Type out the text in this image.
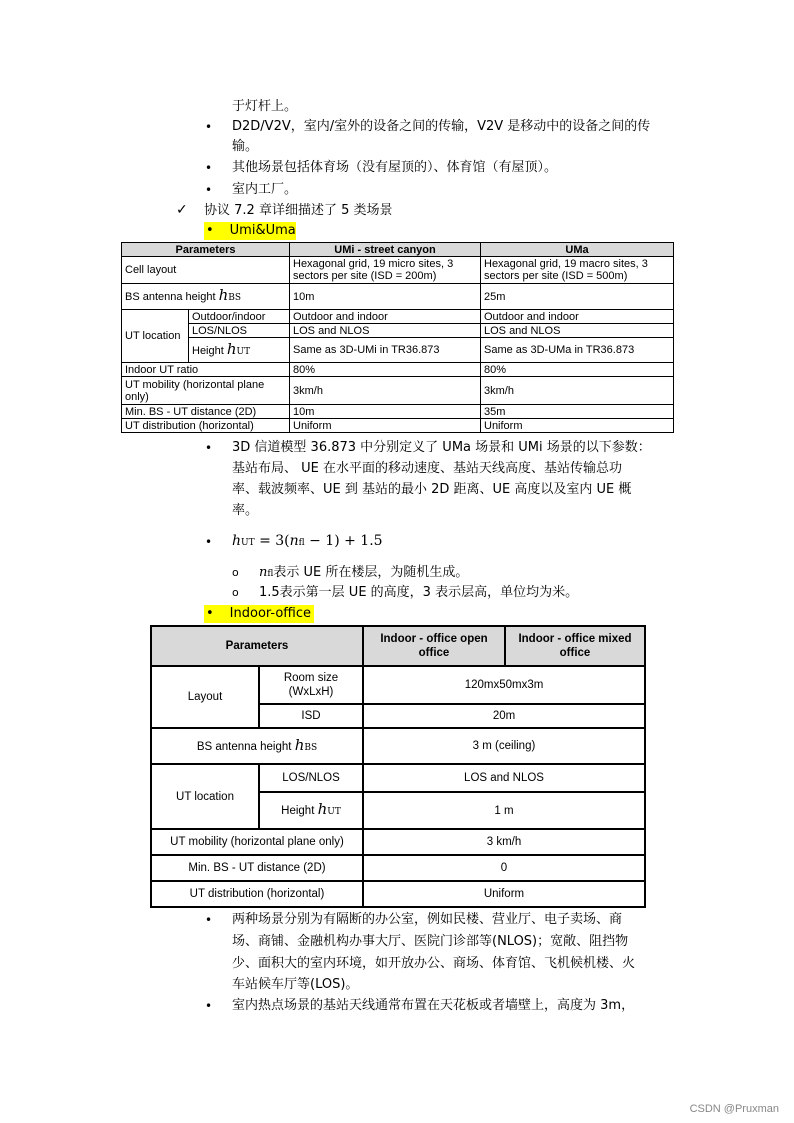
于灯杆上。
• D2D/V2V，室内/室外的设备之间的传输，V2V 是移动中的设备之间的传
输。
• 其他场景包括体育场（没有屋顶的）、体育馆（有屋顶）。
• 室内工厂。
✓ 协议 7.2 章详细描述了 5 类场景
• Umi&Uma
Parameters		UMi - street canyon	UMa
Cell layout		Hexagonal grid, 19 micro sites, 3 sectors per site (ISD = 200m)	Hexagonal grid, 19 macro sites, 3 sectors per site (ISD = 500m)
BS antenna height hBS		10m	25m
UT location	Outdoor/indoor	Outdoor and indoor	Outdoor and indoor
	LOS/NLOS	LOS and NLOS	LOS and NLOS
	Height hUT	Same as 3D-UMi in TR36.873	Same as 3D-UMa in TR36.873
Indoor UT ratio		80%	80%
UT mobility (horizontal plane only)		3km/h	3km/h
Min. BS - UT distance (2D)		10m	35m
UT distribution (horizontal)		Uniform	Uniform
• 3D 信道模型 36.873 中分别定义了 UMa 场景和 UMi 场景的以下参数：
基站布局、 UE 在水平面的移动速度、基站天线高度、基站传输总功
率、载波频率、UE 到 基站的最小 2D 距离、UE 高度以及室内 UE 概
率。
• hUT = 3(nfl − 1) + 1.5
o nfl表示 UE 所在楼层，为随机生成。
o 1.5表示第一层 UE 的高度，3 表示层高，单位均为米。
• Indoor-office
Parameters		Indoor - office open office	Indoor - office mixed office
Layout	Room size (WxLxH)	120mx50mx3m	
	ISD	20m	
BS antenna height hBS		3 m (ceiling)	
UT location	LOS/NLOS	LOS and NLOS	
	Height hUT	1 m	
UT mobility (horizontal plane only)		3 km/h	
Min. BS - UT distance (2D)		0	
UT distribution (horizontal)		Uniform	
• 两种场景分别为有隔断的办公室，例如民楼、营业厅、电子卖场、商
场、商铺、金融机构办事大厅、医院门诊部等(NLOS)；宽敞、阻挡物
少、面积大的室内环境，如开放办公、商场、体育馆、飞机候机楼、火
车站候车厅等(LOS)。
• 室内热点场景的基站天线通常布置在天花板或者墙壁上，高度为 3m，
CSDN @Pruxman
